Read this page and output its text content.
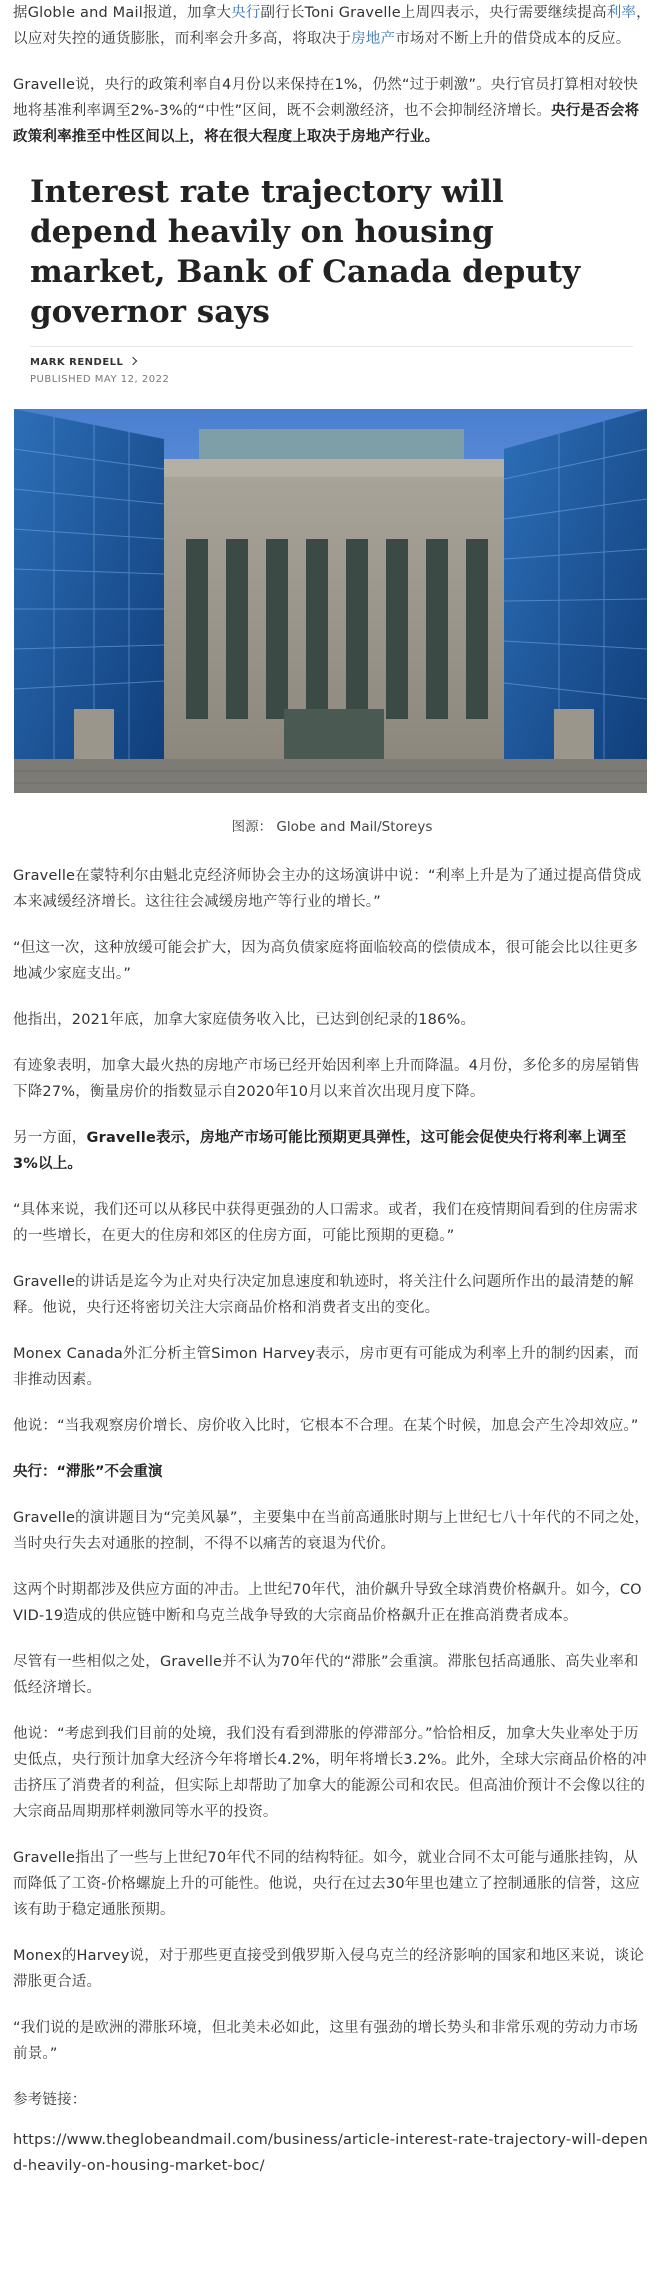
据Globle and Mail报道，加拿大央行副行长Toni Gravelle上周四表示，央行需要继续提高利率，以应对失控的通货膨胀，而利率会升多高，将取决于房地产市场对不断上升的借贷成本的反应。

Gravelle说，央行的政策利率自4月份以来保持在1%，仍然“过于刺激”。央行官员打算相对较快地将基准利率调至2%-3%的“中性”区间，既不会刺激经济，也不会抑制经济增长。央行是否会将政策利率推至中性区间以上，将在很大程度上取决于房地产行业。

Interest rate trajectory will depend heavily on housing market, Bank of Canada deputy governor says
MARK RENDELL
PUBLISHED MAY 12, 2022
图源： Globe and Mail/Storeys

Gravelle在蒙特利尔由魁北克经济师协会主办的这场演讲中说：“利率上升是为了通过提高借贷成本来减缓经济增长。这往往会减缓房地产等行业的增长。”

“但这一次，这种放缓可能会扩大，因为高负债家庭将面临较高的偿债成本，很可能会比以往更多地减少家庭支出。”

他指出，2021年底，加拿大家庭债务收入比，已达到创纪录的186%。

有迹象表明，加拿大最火热的房地产市场已经开始因利率上升而降温。4月份，多伦多的房屋销售下降27%，衡量房价的指数显示自2020年10月以来首次出现月度下降。

另一方面，Gravelle表示，房地产市场可能比预期更具弹性，这可能会促使央行将利率上调至3%以上。

“具体来说，我们还可以从移民中获得更强劲的人口需求。或者，我们在疫情期间看到的住房需求的一些增长，在更大的住房和郊区的住房方面，可能比预期的更稳。”

Gravelle的讲话是迄今为止对央行决定加息速度和轨迹时，将关注什么问题所作出的最清楚的解释。他说，央行还将密切关注大宗商品价格和消费者支出的变化。

Monex Canada外汇分析主管Simon Harvey表示，房市更有可能成为利率上升的制约因素，而非推动因素。

他说：“当我观察房价增长、房价收入比时，它根本不合理。在某个时候，加息会产生冷却效应。”

央行：“滞胀”不会重演

Gravelle的演讲题目为“完美风暴”，主要集中在当前高通胀时期与上世纪七八十年代的不同之处，当时央行失去对通胀的控制，不得不以痛苦的衰退为代价。

这两个时期都涉及供应方面的冲击。上世纪70年代，油价飙升导致全球消费价格飙升。如今，COVID-19造成的供应链中断和乌克兰战争导致的大宗商品价格飙升正在推高消费者成本。

尽管有一些相似之处，Gravelle并不认为70年代的“滞胀”会重演。滞胀包括高通胀、高失业率和低经济增长。

他说：“考虑到我们目前的处境，我们没有看到滞胀的停滞部分。”恰恰相反，加拿大失业率处于历史低点，央行预计加拿大经济今年将增长4.2%，明年将增长3.2%。此外，全球大宗商品价格的冲击挤压了消费者的利益，但实际上却帮助了加拿大的能源公司和农民。但高油价预计不会像以往的大宗商品周期那样刺激同等水平的投资。

Gravelle指出了一些与上世纪70年代不同的结构特征。如今，就业合同不太可能与通胀挂钩，从而降低了工资-价格螺旋上升的可能性。他说，央行在过去30年里也建立了控制通胀的信誉，这应该有助于稳定通胀预期。

Monex的Harvey说，对于那些更直接受到俄罗斯入侵乌克兰的经济影响的国家和地区来说，谈论滞胀更合适。

“我们说的是欧洲的滞胀环境，但北美未必如此，这里有强劲的增长势头和非常乐观的劳动力市场前景。”

参考链接：

https://www.theglobeandmail.com/business/article-interest-rate-trajectory-will-depend-heavily-on-housing-market-boc/
